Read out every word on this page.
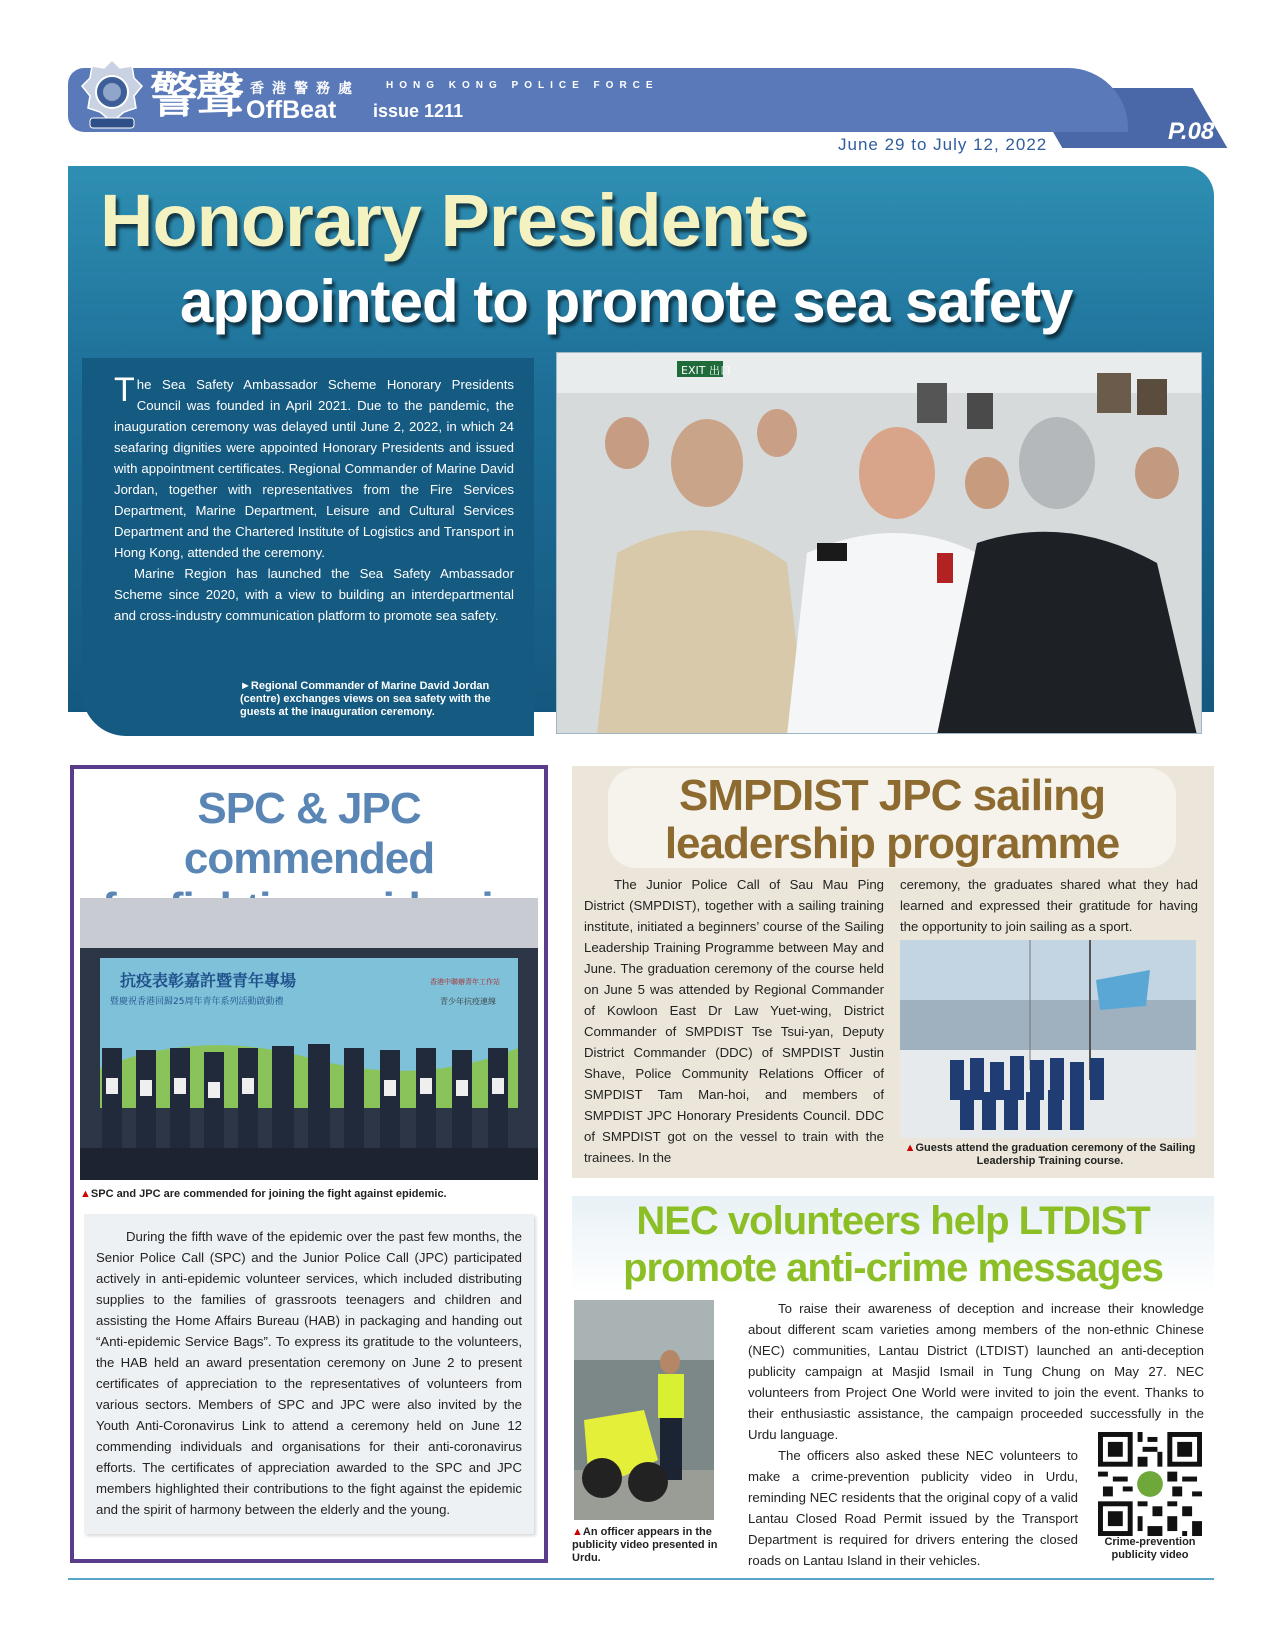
警聲 香港警務處	HONG KONG POLICE FORCE
OffBeat issue 1211
June 29 to July 12, 2022	P.08
Honorary Presidents
appointed to promote sea safety

The Sea Safety Ambassador Scheme Honorary Presidents Council was founded in April 2021. Due to the pandemic, the inauguration ceremony was delayed until June 2, 2022, in which 24 seafaring dignities were appointed Honorary Presidents and issued with appointment certificates. Regional Commander of Marine David Jordan, together with representatives from the Fire Services Department, Marine Department, Leisure and Cultural Services Department and the Chartered Institute of Logistics and Transport in Hong Kong, attended the ceremony.

Marine Region has launched the Sea Safety Ambassador Scheme since 2020, with a view to building an interdepartmental and cross-industry communication platform to promote sea safety.

►Regional Commander of Marine David Jordan (centre) exchanges views on sea safety with the guests at the inauguration ceremony.
EXIT 出口
SPC & JPC commended
抗疫表彰嘉許暨青年專場
暨慶祝香港回歸25周年青年系列活動啟動禮
香港中聯辦青年工作站
青少年抗疫連線
▲SPC and JPC are commended for joining the fight against epidemic.

During the fifth wave of the epidemic over the past few months, the Senior Police Call (SPC) and the Junior Police Call (JPC) participated actively in anti-epidemic volunteer services, which included distributing supplies to the families of grassroots teenagers and children and assisting the Home Affairs Bureau (HAB) in packaging and handing out “Anti-epidemic Service Bags”. To express its gratitude to the volunteers, the HAB held an award presentation ceremony on June 2 to present certificates of appreciation to the representatives of volunteers from various sectors. Members of SPC and JPC were also invited by the Youth Anti-Coronavirus Link to attend a ceremony held on June 12 commending individuals and organisations for their anti-coronavirus efforts. The certificates of appreciation awarded to the SPC and JPC members highlighted their contributions to the fight against the epidemic and the spirit of harmony between the elderly and the young.

SMPDIST JPC sailing
leadership programme

The Junior Police Call of Sau Mau Ping District (SMPDIST), together with a sailing training institute, initiated a beginners’ course of the Sailing Leadership Training Programme between May and June. The graduation ceremony of the course held on June 5 was attended by Regional Commander of Kowloon East Dr Law Yuet-wing, District Commander of SMPDIST Tse Tsui-yan, Deputy District Commander (DDC) of SMPDIST Justin Shave, Police Community Relations Officer of SMPDIST Tam Man-hoi, and members of SMPDIST JPC Honorary Presidents Council. DDC of SMPDIST got on the vessel to train with the trainees. In the

ceremony, the graduates shared what they had learned and expressed their gratitude for having the opportunity to join sailing as a sport.

▲Guests attend the graduation ceremony of the Sailing Leadership Training course.
NEC volunteers help LTDIST
promote anti-crime messages
▲An officer appears in the publicity video presented in Urdu.

To raise their awareness of deception and increase their knowledge about different scam varieties among members of the non-ethnic Chinese (NEC) communities, Lantau District (LTDIST) launched an anti-deception publicity campaign at Masjid Ismail in Tung Chung on May 27. NEC volunteers from Project One World were invited to join the event. Thanks to their enthusiastic assistance, the campaign proceeded successfully in the Urdu language.

The officers also asked these NEC volunteers to make a crime-prevention publicity video in Urdu, reminding NEC residents that the original copy of a valid Lantau Closed Road Permit issued by the Transport Department is required for drivers entering the closed roads on Lantau Island in their vehicles.

Crime-prevention publicity video
